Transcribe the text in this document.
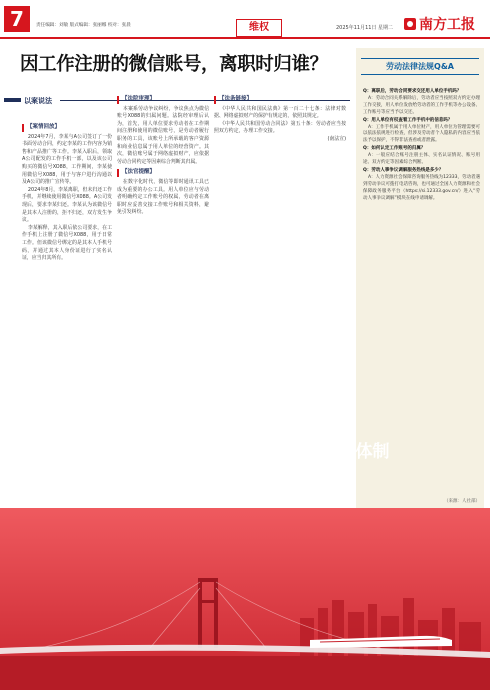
7	责任编辑：刘敏 版式编辑：张丽娜 校对：张晨	维权	2025年11月11日 星期二	南方工报
因工作注册的微信账号，离职时归谁？
以案说法
【案情回放】

2024年7月，李某与A公司签订了一份书面劳动合同，约定李某的工作内容为销售和产品推广等工作。李某入职后，领取A公司配发的工作手机一部，以及该公司购买的微信号XO88，工作期间，李某使用微信号X088，用于与客户进行沟通以及A公司的推广宣传等。

2024年8月，李某离职，但未归还工作手机，并继续使用微信号X088。A公司发现后，要求李某归还。李某认为该微信号是其本人注册的，拒不归还，双方发生争议。

李某解释，其入职后依公司要求，在工作手机上注册了微信号X088，用于日常工作。但该微信号绑定的是其本人手机号码，并通过其本人身份证进行了实名认证，应当归其所有。

【法院审理】

本案系劳动争议纠纷，争议焦点为微信账号X088的归属问题。法院经审理后认为，首先，用人单位要求劳动者在工作期间注册和使用的微信账号，是劳动者履行职务的工具，该账号上所承载的客户资源和商业信息属于用人单位的经营资产。其次，微信账号属于网络虚拟财产，应依据劳动合同约定等因素综合判断其归属。

【法官提醒】

在数字化时代，微信等即时通讯工具已成为重要的办公工具。用人单位应与劳动者明确约定工作账号的权属，劳动者在离职时应妥善交接工作账号和相关资料，避免引发纠纷。

【法条链接】

《中华人民共和国民法典》第一百二十七条：法律对数据、网络虚拟财产的保护有规定的，依照其规定。

《中华人民共和国劳动合同法》第五十条：劳动者应当按照双方约定，办理工作交接。

(南法宣)

劳动法律法规Q&A

Q：离职后，劳动合同要求交还用人单位手机吗？

A：劳动合同关系解除后，劳动者应当按照双方约定办理工作交接，用人单位发放给劳动者的工作手机等办公设备、工作账号等应当予以交还。

Q：用人单位有权查看工作手机中的信息吗？

A：工作手机属于用人单位财产，用人单位为管理需要可以依法依规进行检查，但涉及劳动者个人隐私的内容应当依法予以保护，不得非法查看或者泄露。

Q：如何认定工作账号的归属？

A：一般应结合账号注册主体、实名认证情况、账号用途、双方约定等因素综合判断。

Q：劳动人事争议调解服务热线是多少？

A：人力资源社会保障咨询服务热线为12333，劳动者遇到劳动争议可拨打电话咨询，也可通过全国人力资源和社会保障政务服务平台（https://si.12333.gov.cn/）进入“劳动人事争议调解”模块在线申请调解。

（来源：人社部）
加快构建高水平社会主义市场经济体制
增强高质量发展动力
